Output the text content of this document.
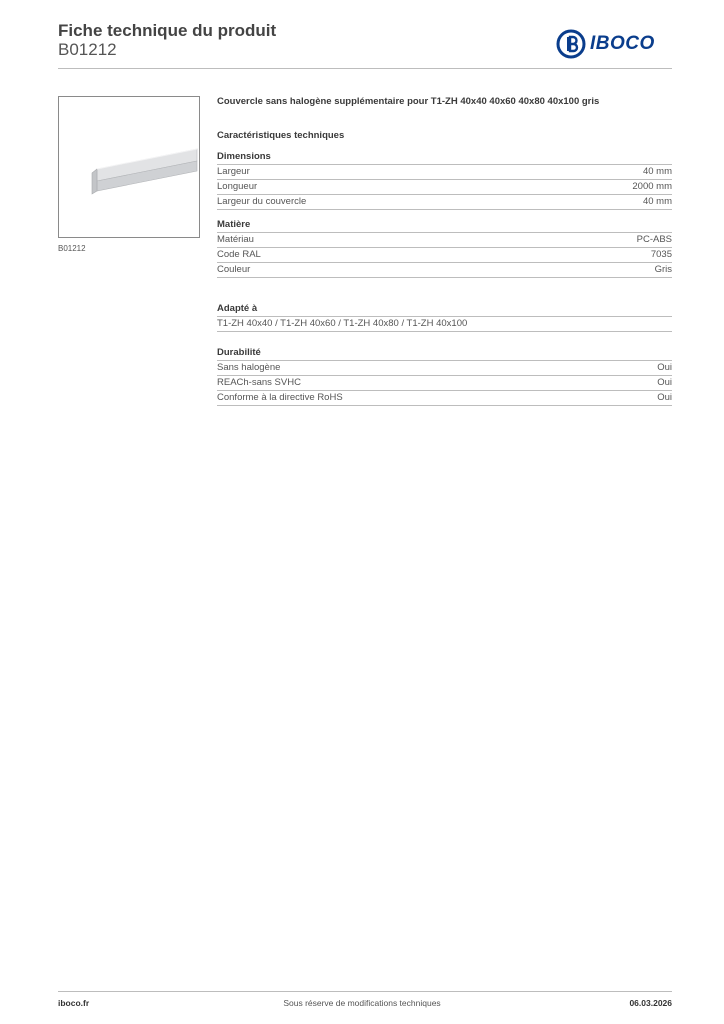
Fiche technique du produit
B01212	IBOCO
B01212
Couvercle sans halogène supplémentaire pour T1-ZH 40x40 40x60 40x80 40x100 gris
Caractéristiques techniques
Dimensions
Largeur	40 mm
Longueur	2000 mm
Largeur du couvercle	40 mm
Matière
Matériau	PC-ABS
Code RAL	7035
Couleur	Gris
Adapté à
T1-ZH 40x40 / T1-ZH 40x60 / T1-ZH 40x80 / T1-ZH 40x100
Durabilité
Sans halogène	Oui
REACh-sans SVHC	Oui
Conforme à la directive RoHS	Oui
iboco.fr	Sous réserve de modifications techniques	06.03.2026
